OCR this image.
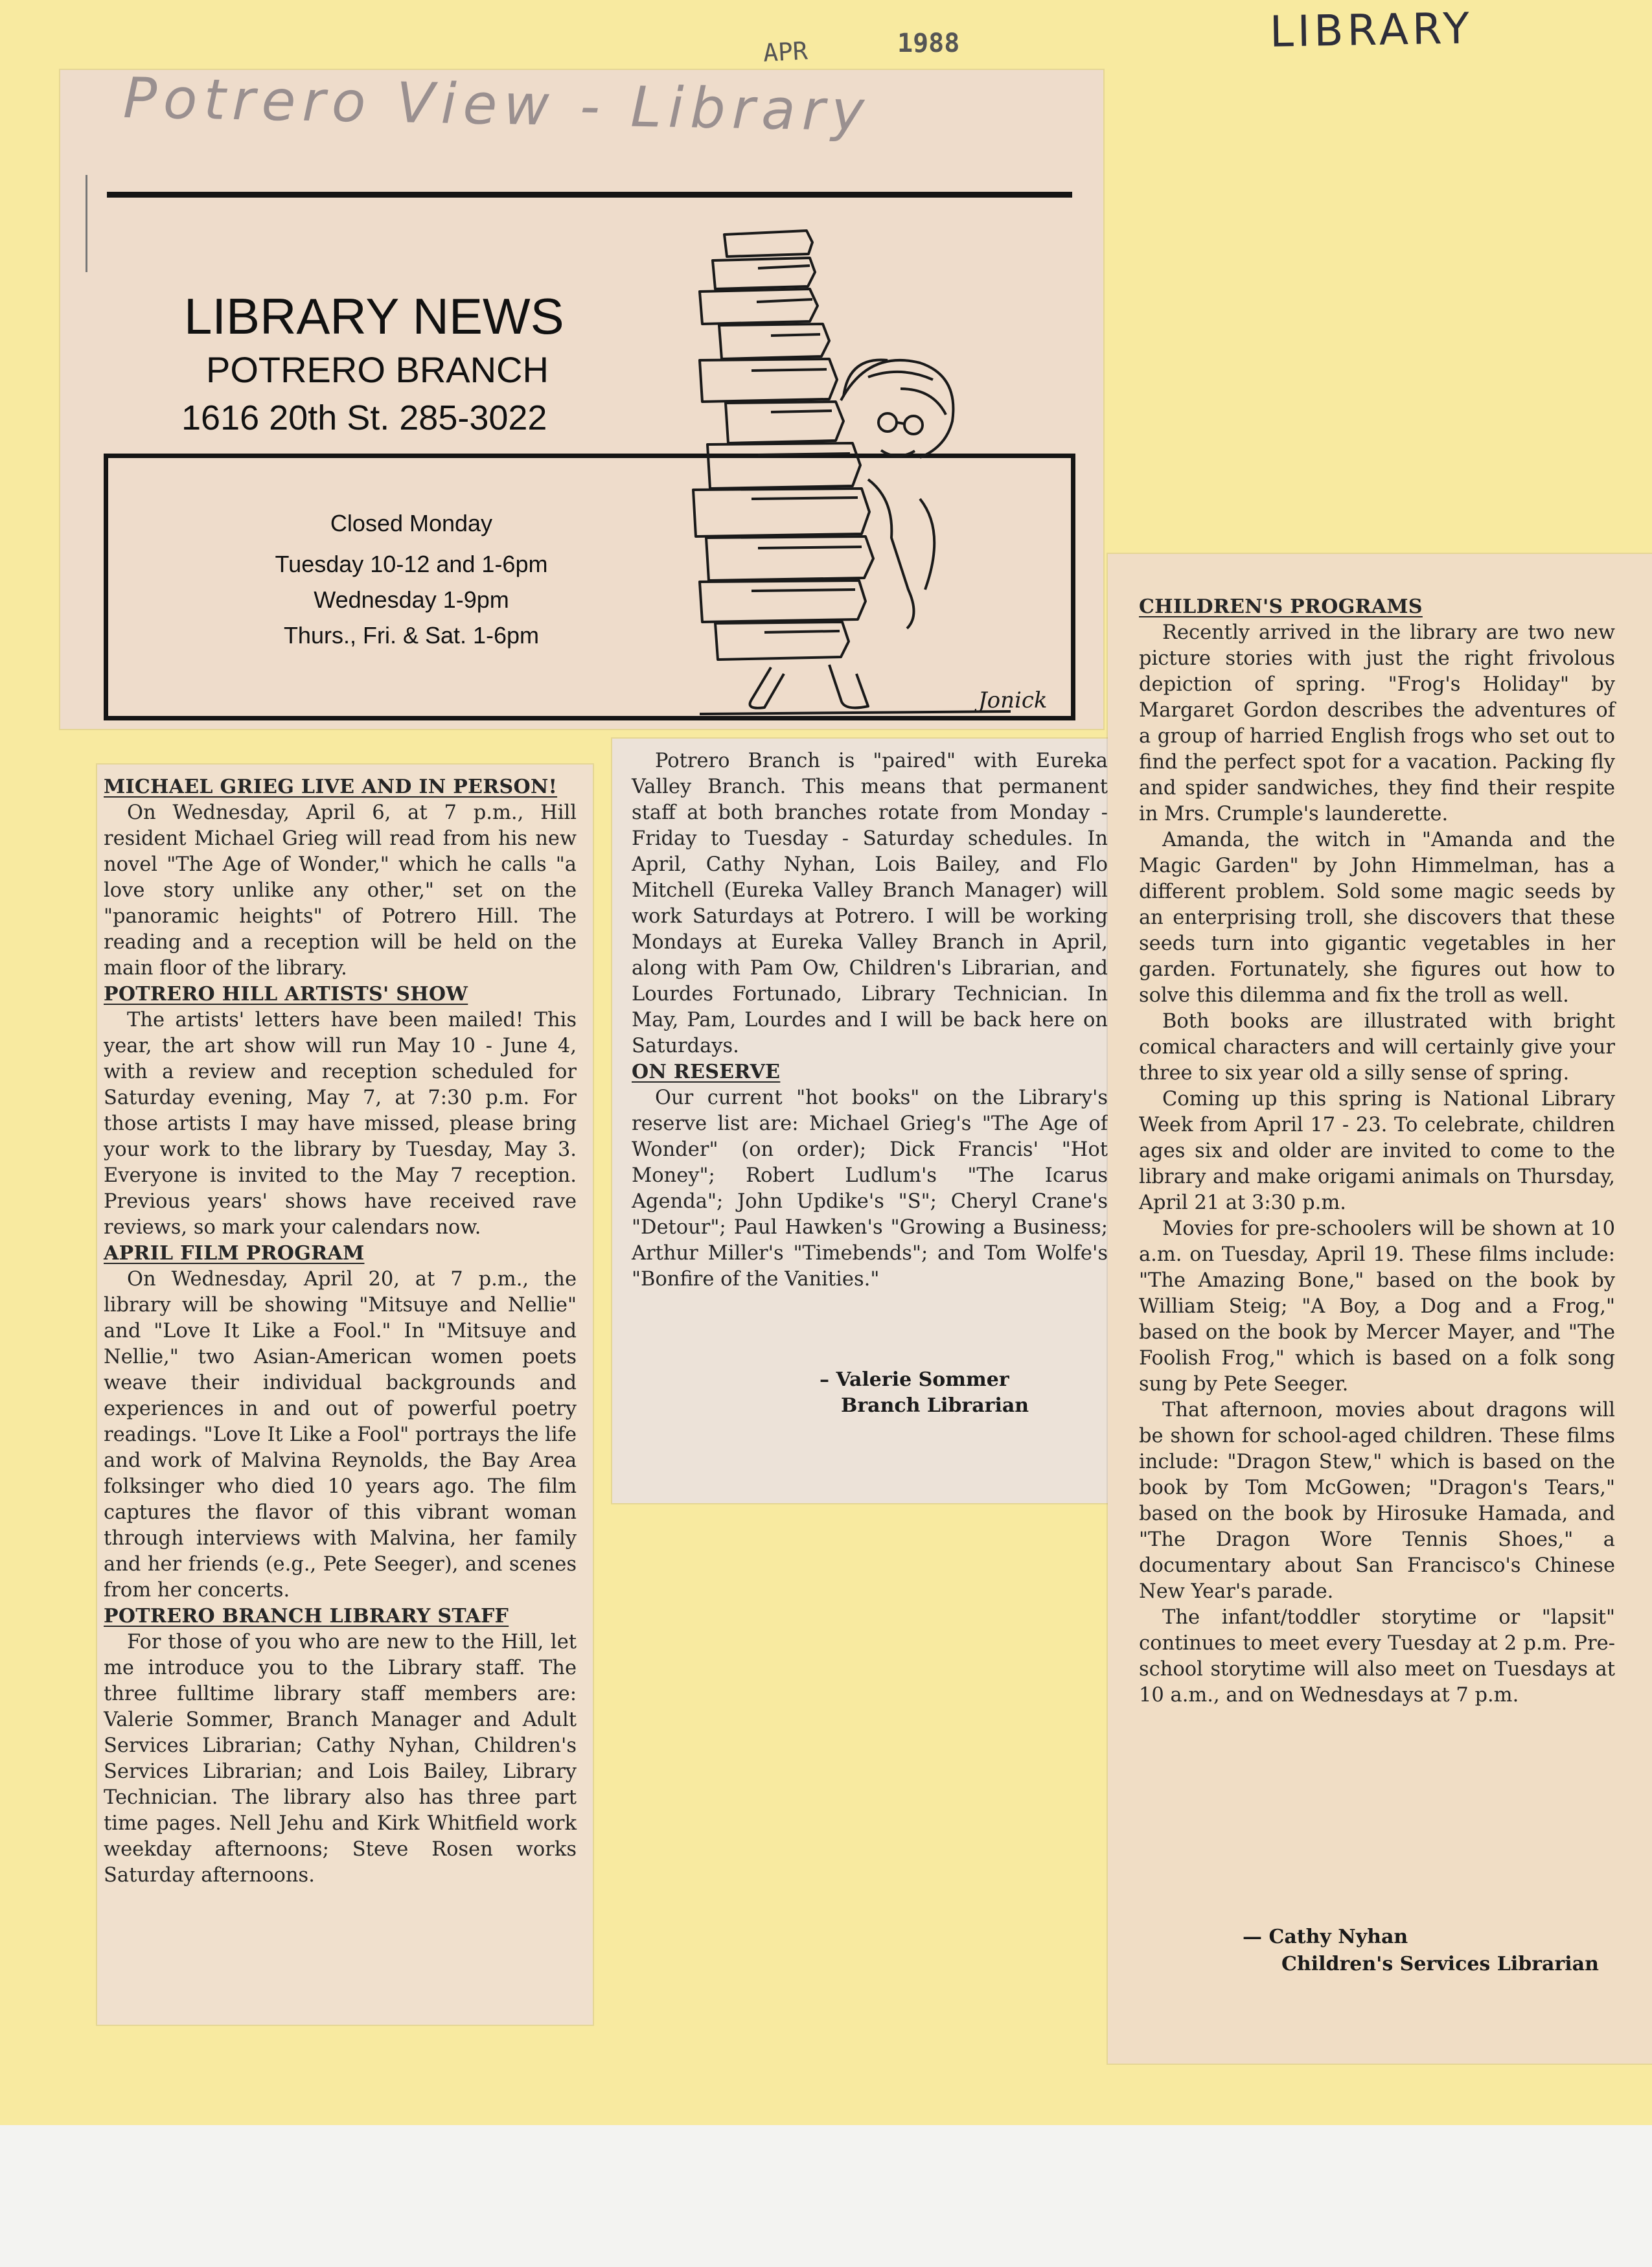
APR	1988	LIBRARY
Potrero View - Library
LIBRARY NEWS
POTRERO BRANCH
1616 20th St. 285-3022
Closed Monday
Tuesday 10-12 and 1-6pm
Wednesday 1-9pm
Thurs., Fri. & Sat. 1-6pm
Jonick
MICHAEL GRIEG LIVE AND IN PERSON!

On Wednesday, April 6, at 7 p.m., Hill resident Michael Grieg will read from his new novel "The Age of Wonder," which he calls "a love story unlike any other," set on the "panoramic heights" of Potrero Hill. The reading and a reception will be held on the main floor of the library.

POTRERO HILL ARTISTS' SHOW

The artists' letters have been mailed! This year, the art show will run May 10 - June 4, with a review and reception scheduled for Saturday evening, May 7, at 7:30 p.m. For those artists I may have missed, please bring your work to the library by Tuesday, May 3. Everyone is invited to the May 7 reception. Previous years' shows have received rave reviews, so mark your calendars now.

APRIL FILM PROGRAM

On Wednesday, April 20, at 7 p.m., the library will be showing "Mitsuye and Nellie" and "Love It Like a Fool." In "Mitsuye and Nellie," two Asian-American women poets weave their individual backgrounds and experiences in and out of powerful poetry readings. "Love It Like a Fool" portrays the life and work of Malvina Reynolds, the Bay Area folksinger who died 10 years ago. The film captures the flavor of this vibrant woman through interviews with Malvina, her family and her friends (e.g., Pete Seeger), and scenes from her concerts.

POTRERO BRANCH LIBRARY STAFF

For those of you who are new to the Hill, let me introduce you to the Library staff. The three fulltime library staff members are: Valerie Sommer, Branch Manager and Adult Services Librarian; Cathy Nyhan, Children's Services Librarian; and Lois Bailey, Library Technician. The library also has three part time pages. Nell Jehu and Kirk Whitfield work weekday afternoons; Steve Rosen works Saturday afternoons.

Potrero Branch is "paired" with Eureka Valley Branch. This means that permanent staff at both branches rotate from Monday - Friday to Tuesday - Saturday schedules. In April, Cathy Nyhan, Lois Bailey, and Flo Mitchell (Eureka Valley Branch Manager) will work Saturdays at Potrero. I will be working Mondays at Eureka Valley Branch in April, along with Pam Ow, Children's Librarian, and Lourdes Fortunado, Library Technician. In May, Pam, Lourdes and I will be back here on Saturdays.

ON RESERVE

Our current "hot books" on the Library's reserve list are: Michael Grieg's "The Age of Wonder" (on order); Dick Francis' "Hot Money"; Robert Ludlum's "The Icarus Agenda"; John Updike's "S"; Cheryl Crane's "Detour"; Paul Hawken's "Growing a Business; Arthur Miller's "Timebends"; and Tom Wolfe's "Bonfire of the Vanities."

– Valerie Sommer
Branch Librarian
CHILDREN'S PROGRAMS

Recently arrived in the library are two new picture stories with just the right frivolous depiction of spring. "Frog's Holiday" by Margaret Gordon describes the adventures of a group of harried English frogs who set out to find the perfect spot for a vacation. Packing fly and spider sandwiches, they find their respite in Mrs. Crumple's launderette.

Amanda, the witch in "Amanda and the Magic Garden" by John Himmelman, has a different problem. Sold some magic seeds by an enterprising troll, she discovers that these seeds turn into gigantic vegetables in her garden. Fortunately, she figures out how to solve this dilemma and fix the troll as well.

Both books are illustrated with bright comical characters and will certainly give your three to six year old a silly sense of spring.

Coming up this spring is National Library Week from April 17 - 23. To celebrate, children ages six and older are invited to come to the library and make origami animals on Thursday, April 21 at 3:30 p.m.

Movies for pre-schoolers will be shown at 10 a.m. on Tuesday, April 19. These films include: "The Amazing Bone," based on the book by William Steig; "A Boy, a Dog and a Frog," based on the book by Mercer Mayer, and "The Foolish Frog," which is based on a folk song sung by Pete Seeger.

That afternoon, movies about dragons will be shown for school-aged children. These films include: "Dragon Stew," which is based on the book by Tom McGowen; "Dragon's Tears," based on the book by Hirosuke Hamada, and "The Dragon Wore Tennis Shoes," a documentary about San Francisco's Chinese New Year's parade.

The infant/toddler storytime or "lapsit" continues to meet every Tuesday at 2 p.m. Pre-school storytime will also meet on Tuesdays at 10 a.m., and on Wednesdays at 7 p.m.

— Cathy Nyhan
Children's Services Librarian
